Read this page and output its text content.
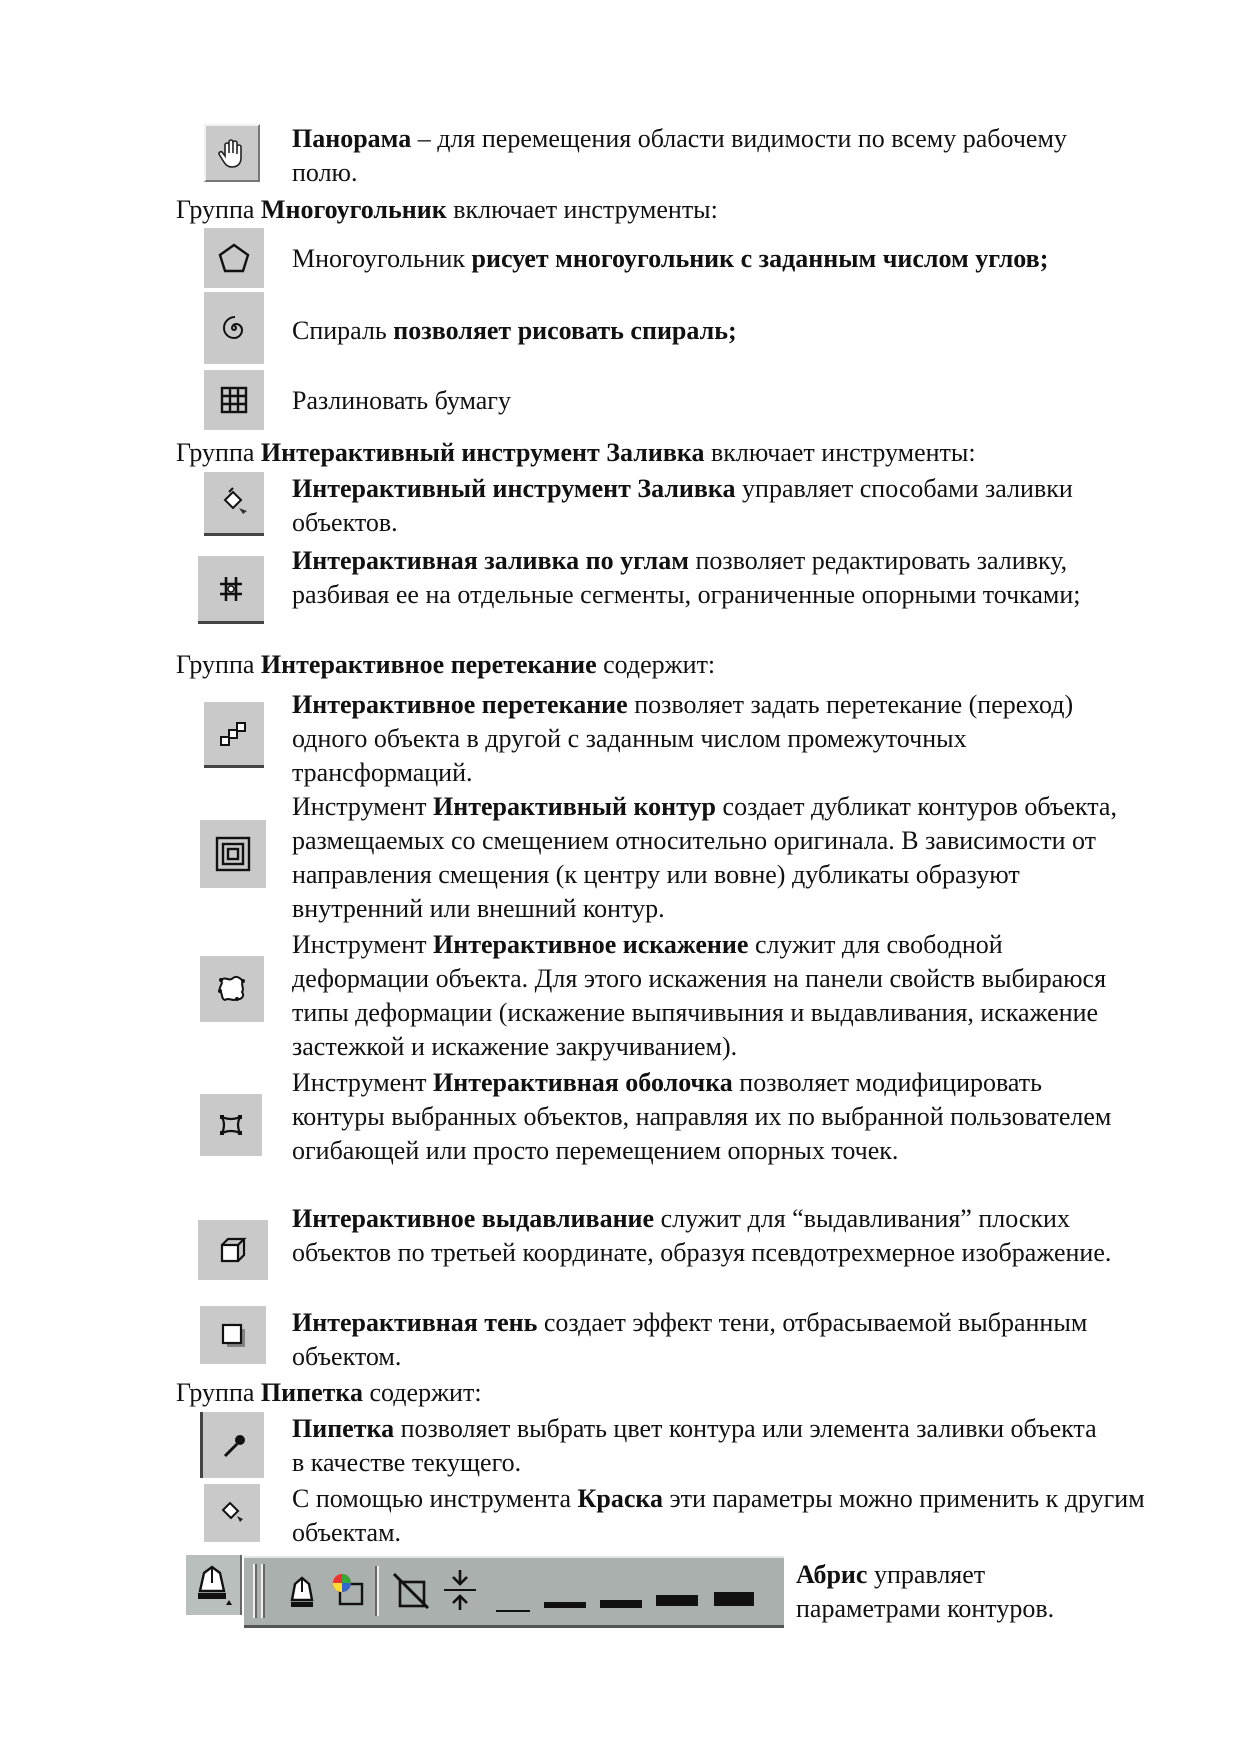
Панорама – для перемещения области видимости по всему рабочему полю.

Группа Многоугольник включает инструменты:

Многоугольник рисует многоугольник с заданным числом углов;

Спираль позволяет рисовать спираль;

Разлиновать бумагу

Группа Интерактивный инструмент Заливка включает инструменты:

Интерактивный инструмент Заливка управляет способами заливки объектов.

Интерактивная заливка по углам позволяет редактировать заливку, разбивая ее на отдельные сегменты, ограниченные опорными точками;

Группа Интерактивное перетекание содержит:

Интерактивное перетекание позволяет задать перетекание (переход) одного объекта в другой с заданным числом промежуточных трансформаций.

Инструмент Интерактивный контур создает дубликат контуров объекта, размещаемых со смещением относительно оригинала. В зависимости от направления смещения (к центру или вовне) дубликаты образуют внутренний или внешний контур.

Инструмент Интерактивное искажение служит для свободной деформации объекта. Для этого искажения на панели свойств выбираюся типы деформации (искажение выпячивыния и выдавливания, искажение застежкой и искажение закручиванием).

Инструмент Интерактивная оболочка позволяет модифицировать контуры выбранных объектов, направляя их по выбранной пользователем огибающей или просто перемещением опорных точек.

Интерактивное выдавливание служит для “выдавливания” плоских объектов по третьей координате, образуя псевдотрехмерное изображение.

Интерактивная тень создает эффект тени, отбрасываемой выбранным объектом.

Группа Пипетка содержит:

Пипетка позволяет выбрать цвет контура или элемента заливки объекта в качестве текущего.

С помощью инструмента Краска эти параметры можно применить к другим объектам.

Абрис управляет параметрами контуров.
